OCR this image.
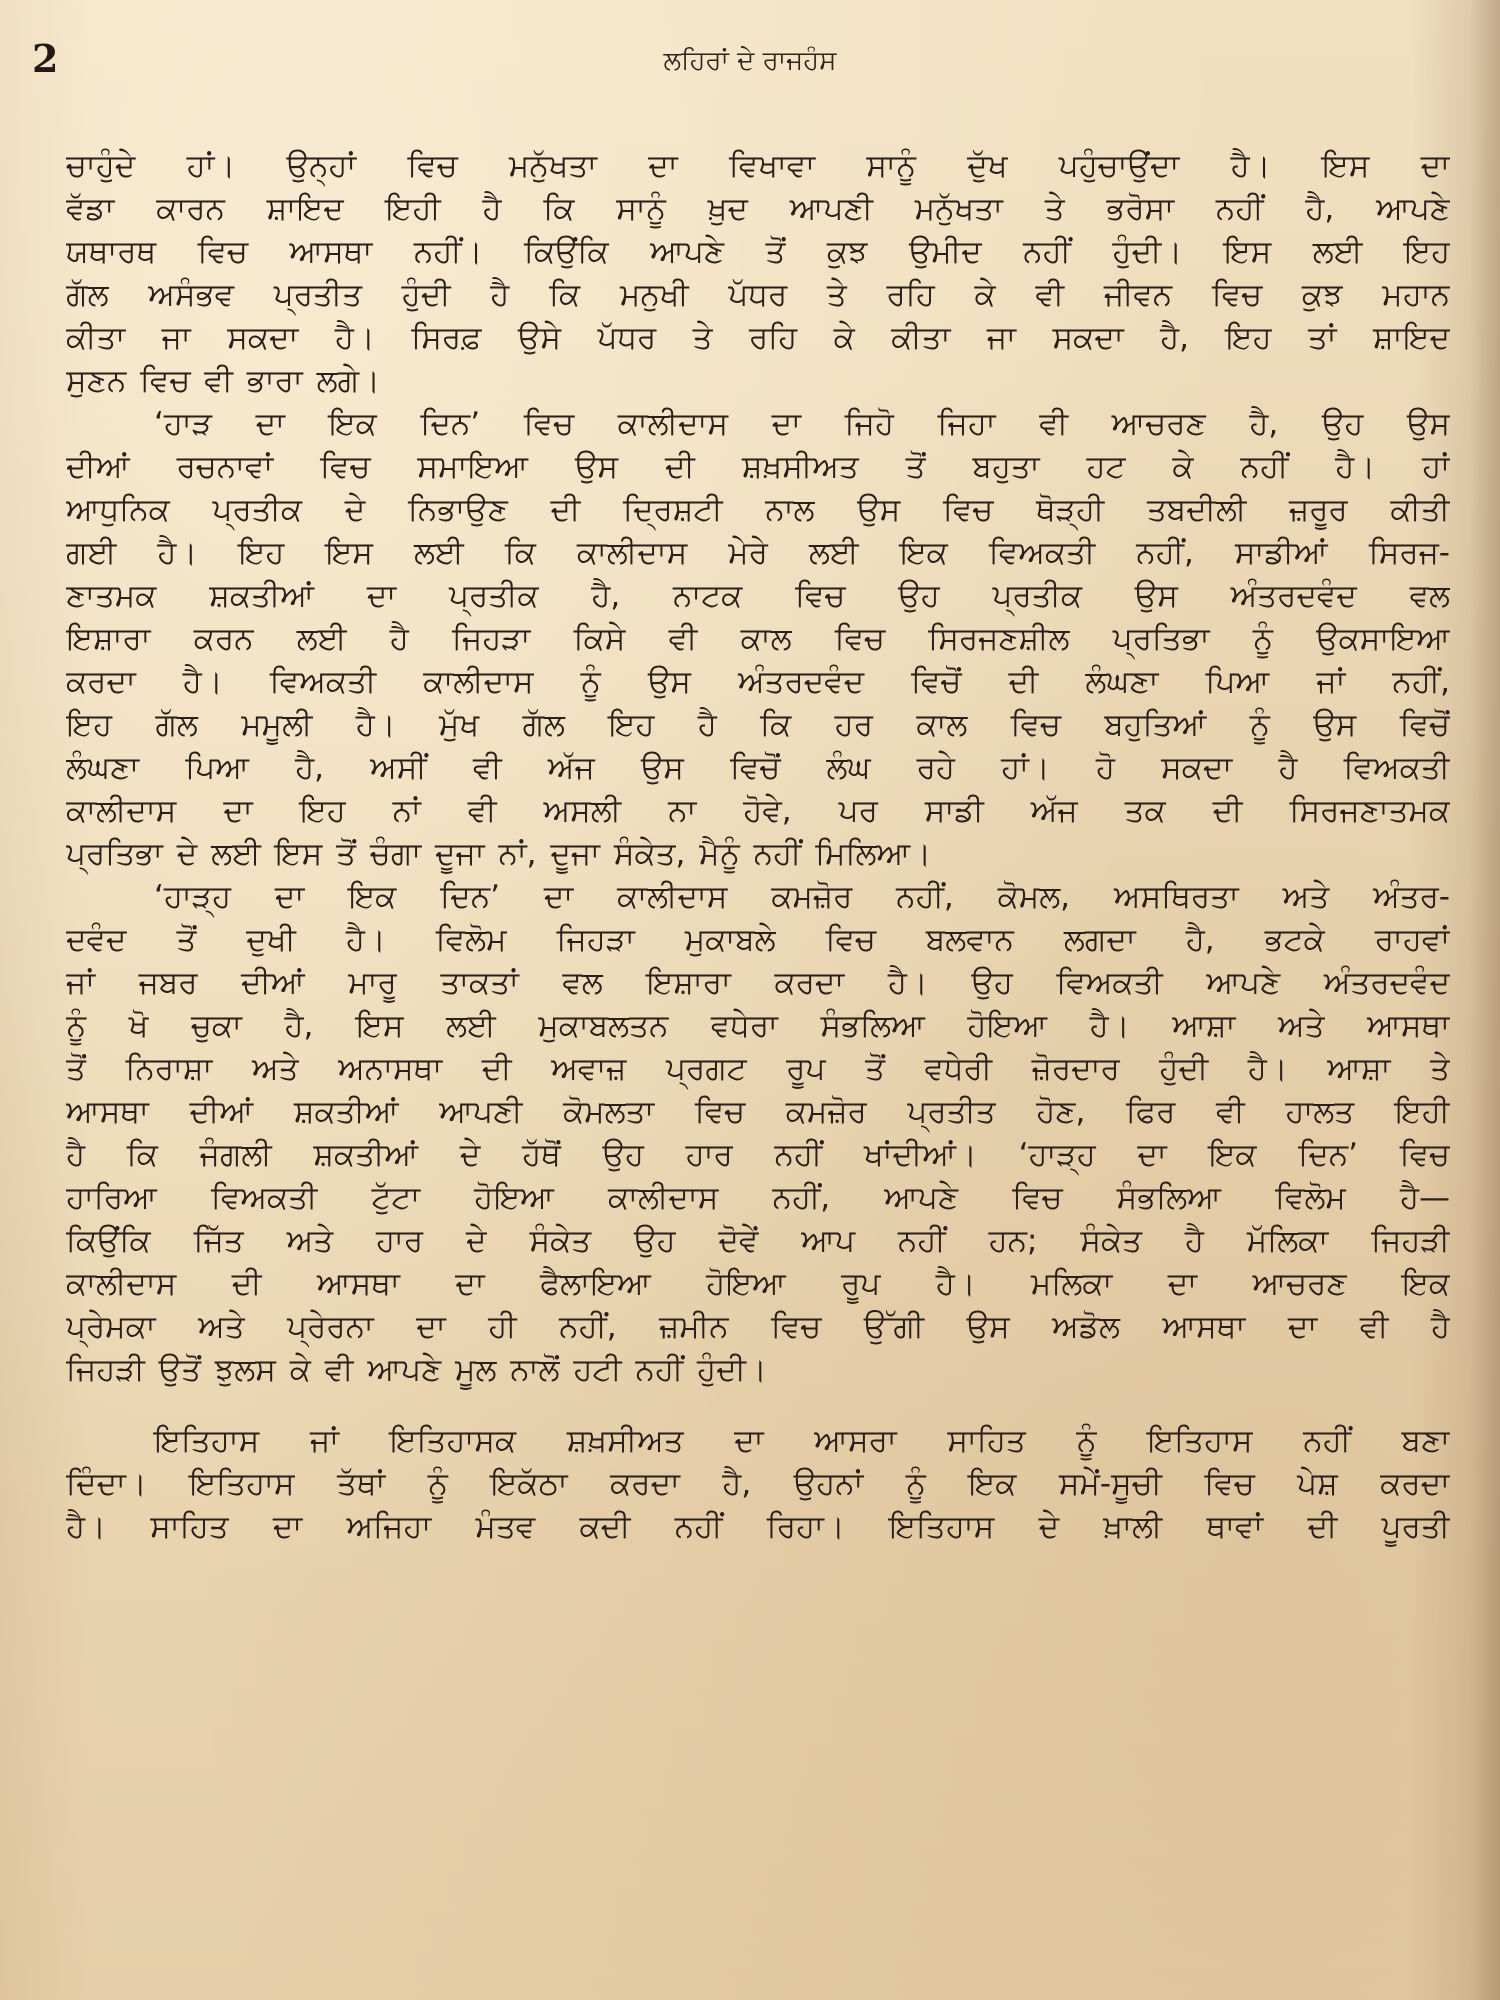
2	ਲਹਿਰਾਂ ਦੇ ਰਾਜਹੰਸ
ਚਾਹੁੰਦੇ ਹਾਂ। ਉਨ੍ਹਾਂ ਵਿਚ ਮਨੁੱਖਤਾ ਦਾ ਵਿਖਾਵਾ ਸਾਨੂੰ ਦੁੱਖ ਪਹੁੰਚਾਉਂਦਾ ਹੈ। ਇਸ ਦਾ
ਵੱਡਾ ਕਾਰਨ ਸ਼ਾਇਦ ਇਹੀ ਹੈ ਕਿ ਸਾਨੂੰ ਖ਼ੁਦ ਆਪਣੀ ਮਨੁੱਖਤਾ ਤੇ ਭਰੋਸਾ ਨਹੀਂ ਹੈ, ਆਪਣੇ
ਯਥਾਰਥ ਵਿਚ ਆਸਥਾ ਨਹੀਂ। ਕਿਉਂਕਿ ਆਪਣੇ ਤੋਂ ਕੁਝ ਉਮੀਦ ਨਹੀਂ ਹੁੰਦੀ। ਇਸ ਲਈ ਇਹ
ਗੱਲ ਅਸੰਭਵ ਪ੍ਰਤੀਤ ਹੁੰਦੀ ਹੈ ਕਿ ਮਨੁਖੀ ਪੱਧਰ ਤੇ ਰਹਿ ਕੇ ਵੀ ਜੀਵਨ ਵਿਚ ਕੁਝ ਮਹਾਨ
ਕੀਤਾ ਜਾ ਸਕਦਾ ਹੈ। ਸਿਰਫ਼ ਉਸੇ ਪੱਧਰ ਤੇ ਰਹਿ ਕੇ ਕੀਤਾ ਜਾ ਸਕਦਾ ਹੈ, ਇਹ ਤਾਂ ਸ਼ਾਇਦ
ਸੁਣਨ ਵਿਚ ਵੀ ਭਾਰਾ ਲਗੇ।
‘ਹਾੜ ਦਾ ਇਕ ਦਿਨ’ ਵਿਚ ਕਾਲੀਦਾਸ ਦਾ ਜਿਹੋ ਜਿਹਾ ਵੀ ਆਚਰਣ ਹੈ, ਉਹ ਉਸ
ਦੀਆਂ ਰਚਨਾਵਾਂ ਵਿਚ ਸਮਾਇਆ ਉਸ ਦੀ ਸ਼ਖ਼ਸੀਅਤ ਤੋਂ ਬਹੁਤਾ ਹਟ ਕੇ ਨਹੀਂ ਹੈ। ਹਾਂ
ਆਧੁਨਿਕ ਪ੍ਰਤੀਕ ਦੇ ਨਿਭਾਉਣ ਦੀ ਦ੍ਰਿਸ਼ਟੀ ਨਾਲ ਉਸ ਵਿਚ ਥੋੜ੍ਹੀ ਤਬਦੀਲੀ ਜ਼ਰੂਰ ਕੀਤੀ
ਗਈ ਹੈ। ਇਹ ਇਸ ਲਈ ਕਿ ਕਾਲੀਦਾਸ ਮੇਰੇ ਲਈ ਇਕ ਵਿਅਕਤੀ ਨਹੀਂ, ਸਾਡੀਆਂ ਸਿਰਜ-
ਣਾਤਮਕ ਸ਼ਕਤੀਆਂ ਦਾ ਪ੍ਰਤੀਕ ਹੈ, ਨਾਟਕ ਵਿਚ ਉਹ ਪ੍ਰਤੀਕ ਉਸ ਅੰਤਰਦਵੰਦ ਵਲ
ਇਸ਼ਾਰਾ ਕਰਨ ਲਈ ਹੈ ਜਿਹੜਾ ਕਿਸੇ ਵੀ ਕਾਲ ਵਿਚ ਸਿਰਜਣਸ਼ੀਲ ਪ੍ਰਤਿਭਾ ਨੂੰ ਉਕਸਾਇਆ
ਕਰਦਾ ਹੈ। ਵਿਅਕਤੀ ਕਾਲੀਦਾਸ ਨੂੰ ਉਸ ਅੰਤਰਦਵੰਦ ਵਿਚੋਂ ਦੀ ਲੰਘਣਾ ਪਿਆ ਜਾਂ ਨਹੀਂ,
ਇਹ ਗੱਲ ਮਮੂਲੀ ਹੈ। ਮੁੱਖ ਗੱਲ ਇਹ ਹੈ ਕਿ ਹਰ ਕਾਲ ਵਿਚ ਬਹੁਤਿਆਂ ਨੂੰ ਉਸ ਵਿਚੋਂ
ਲੰਘਣਾ ਪਿਆ ਹੈ, ਅਸੀਂ ਵੀ ਅੱਜ ਉਸ ਵਿਚੋਂ ਲੰਘ ਰਹੇ ਹਾਂ। ਹੋ ਸਕਦਾ ਹੈ ਵਿਅਕਤੀ
ਕਾਲੀਦਾਸ ਦਾ ਇਹ ਨਾਂ ਵੀ ਅਸਲੀ ਨਾ ਹੋਵੇ, ਪਰ ਸਾਡੀ ਅੱਜ ਤਕ ਦੀ ਸਿਰਜਣਾਤਮਕ
ਪ੍ਰਤਿਭਾ ਦੇ ਲਈ ਇਸ ਤੋਂ ਚੰਗਾ ਦੂਜਾ ਨਾਂ, ਦੂਜਾ ਸੰਕੇਤ, ਮੈਨੂੰ ਨਹੀਂ ਮਿਲਿਆ।
‘ਹਾੜ੍ਹ ਦਾ ਇਕ ਦਿਨ’ ਦਾ ਕਾਲੀਦਾਸ ਕਮਜ਼ੋਰ ਨਹੀਂ, ਕੋਮਲ, ਅਸਥਿਰਤਾ ਅਤੇ ਅੰਤਰ-
ਦਵੰਦ ਤੋਂ ਦੁਖੀ ਹੈ। ਵਿਲੋਮ ਜਿਹੜਾ ਮੁਕਾਬਲੇ ਵਿਚ ਬਲਵਾਨ ਲਗਦਾ ਹੈ, ਭਟਕੇ ਰਾਹਵਾਂ
ਜਾਂ ਜਬਰ ਦੀਆਂ ਮਾਰੂ ਤਾਕਤਾਂ ਵਲ ਇਸ਼ਾਰਾ ਕਰਦਾ ਹੈ। ਉਹ ਵਿਅਕਤੀ ਆਪਣੇ ਅੰਤਰਦਵੰਦ
ਨੂੰ ਖੋ ਚੁਕਾ ਹੈ, ਇਸ ਲਈ ਮੁਕਾਬਲਤਨ ਵਧੇਰਾ ਸੰਭਲਿਆ ਹੋਇਆ ਹੈ। ਆਸ਼ਾ ਅਤੇ ਆਸਥਾ
ਤੋਂ ਨਿਰਾਸ਼ਾ ਅਤੇ ਅਨਾਸਥਾ ਦੀ ਅਵਾਜ਼ ਪ੍ਰਗਟ ਰੂਪ ਤੋਂ ਵਧੇਰੀ ਜ਼ੋਰਦਾਰ ਹੁੰਦੀ ਹੈ। ਆਸ਼ਾ ਤੇ
ਆਸਥਾ ਦੀਆਂ ਸ਼ਕਤੀਆਂ ਆਪਣੀ ਕੋਮਲਤਾ ਵਿਚ ਕਮਜ਼ੋਰ ਪ੍ਰਤੀਤ ਹੋਣ, ਫਿਰ ਵੀ ਹਾਲਤ ਇਹੀ
ਹੈ ਕਿ ਜੰਗਲੀ ਸ਼ਕਤੀਆਂ ਦੇ ਹੱਥੋਂ ਉਹ ਹਾਰ ਨਹੀਂ ਖਾਂਦੀਆਂ। ‘ਹਾੜ੍ਹ ਦਾ ਇਕ ਦਿਨ’ ਵਿਚ
ਹਾਰਿਆ ਵਿਅਕਤੀ ਟੁੱਟਾ ਹੋਇਆ ਕਾਲੀਦਾਸ ਨਹੀਂ, ਆਪਣੇ ਵਿਚ ਸੰਭਲਿਆ ਵਿਲੋਮ ਹੈ—
ਕਿਉਂਕਿ ਜਿੱਤ ਅਤੇ ਹਾਰ ਦੇ ਸੰਕੇਤ ਉਹ ਦੋਵੇਂ ਆਪ ਨਹੀਂ ਹਨ; ਸੰਕੇਤ ਹੈ ਮੱਲਿਕਾ ਜਿਹੜੀ
ਕਾਲੀਦਾਸ ਦੀ ਆਸਥਾ ਦਾ ਫੈਲਾਇਆ ਹੋਇਆ ਰੂਪ ਹੈ। ਮਲਿਕਾ ਦਾ ਆਚਰਣ ਇਕ
ਪ੍ਰੇਮਕਾ ਅਤੇ ਪ੍ਰੇਰਨਾ ਦਾ ਹੀ ਨਹੀਂ, ਜ਼ਮੀਨ ਵਿਚ ਉੱਗੀ ਉਸ ਅਡੋਲ ਆਸਥਾ ਦਾ ਵੀ ਹੈ
ਜਿਹੜੀ ਉਤੋਂ ਝੁਲਸ ਕੇ ਵੀ ਆਪਣੇ ਮੂਲ ਨਾਲੋਂ ਹਟੀ ਨਹੀਂ ਹੁੰਦੀ।
ਇਤਿਹਾਸ ਜਾਂ ਇਤਿਹਾਸਕ ਸ਼ਖ਼ਸੀਅਤ ਦਾ ਆਸਰਾ ਸਾਹਿਤ ਨੂੰ ਇਤਿਹਾਸ ਨਹੀਂ ਬਣਾ
ਦਿੰਦਾ। ਇਤਿਹਾਸ ਤੱਥਾਂ ਨੂੰ ਇਕੱਠਾ ਕਰਦਾ ਹੈ, ਉਹਨਾਂ ਨੂੰ ਇਕ ਸਮੇਂ-ਸੂਚੀ ਵਿਚ ਪੇਸ਼ ਕਰਦਾ
ਹੈ। ਸਾਹਿਤ ਦਾ ਅਜਿਹਾ ਮੰਤਵ ਕਦੀ ਨਹੀਂ ਰਿਹਾ। ਇਤਿਹਾਸ ਦੇ ਖ਼ਾਲੀ ਥਾਵਾਂ ਦੀ ਪੂਰਤੀ
